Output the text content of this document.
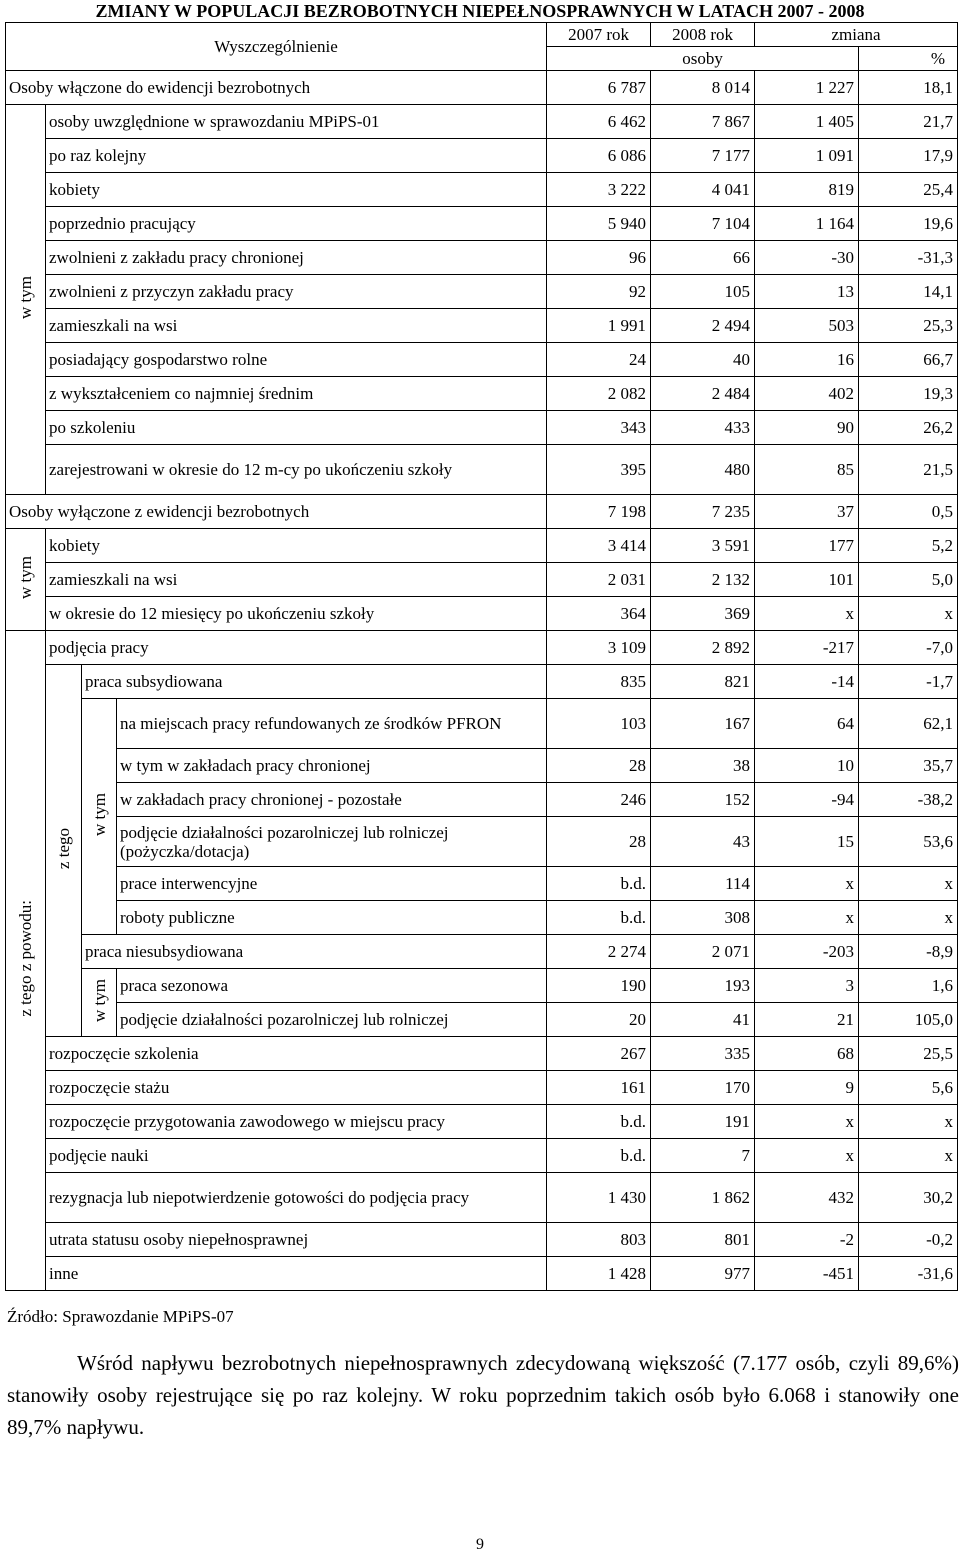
ZMIANY W POPULACJI BEZROBOTNYCH NIEPEŁNOSPRAWNYCH W LATACH 2007 - 2008
Wyszczególnienie				2007 rok	2008 rok	zmiana	
				osoby			%
Osoby włączone do ewidencji bezrobotnych				6 787	8 014	1 227	18,1
w tym	osoby uwzględnione w sprawozdaniu MPiPS-01			6 462	7 867	1 405	21,7
	po raz kolejny			6 086	7 177	1 091	17,9
	kobiety			3 222	4 041	819	25,4
	poprzednio pracujący			5 940	7 104	1 164	19,6
	zwolnieni z zakładu pracy chronionej			96	66	-30	-31,3
	zwolnieni z przyczyn zakładu pracy			92	105	13	14,1
	zamieszkali na wsi			1 991	2 494	503	25,3
	posiadający gospodarstwo rolne			24	40	16	66,7
	z wykształceniem co najmniej średnim			2 082	2 484	402	19,3
	po szkoleniu			343	433	90	26,2
	zarejestrowani w okresie do 12 m-cy po ukończeniu szkoły			395	480	85	21,5
Osoby wyłączone z ewidencji bezrobotnych				7 198	7 235	37	0,5
w tym	kobiety			3 414	3 591	177	5,2
	zamieszkali na wsi			2 031	2 132	101	5,0
	w okresie do 12 miesięcy po ukończeniu szkoły			364	369	x	x
z tego z powodu:	podjęcia pracy			3 109	2 892	-217	-7,0
	z tego	praca subsydiowana		835	821	-14	-1,7
		w tym	na miejscach pracy refundowanych ze środków PFRON	103	167	64	62,1
			w tym w zakładach pracy chronionej	28	38	10	35,7
			w zakładach pracy chronionej - pozostałe	246	152	-94	-38,2
			podjęcie działalności pozarolniczej lub rolniczej (pożyczka/dotacja)	28	43	15	53,6
			prace interwencyjne	b.d.	114	x	x
			roboty publiczne	b.d.	308	x	x
		praca niesubsydiowana		2 274	2 071	-203	-8,9
		w tym	praca sezonowa	190	193	3	1,6
			podjęcie działalności pozarolniczej lub rolniczej	20	41	21	105,0
	rozpoczęcie szkolenia			267	335	68	25,5
	rozpoczęcie stażu			161	170	9	5,6
	rozpoczęcie przygotowania zawodowego w miejscu pracy			b.d.	191	x	x
	podjęcie nauki			b.d.	7	x	x
	rezygnacja lub niepotwierdzenie gotowości do podjęcia pracy			1 430	1 862	432	30,2
	utrata statusu osoby niepełnosprawnej			803	801	-2	-0,2
	inne			1 428	977	-451	-31,6
Źródło: Sprawozdanie MPiPS-07
Wśród napływu bezrobotnych niepełnosprawnych zdecydowaną większość (7.177 osób, czyli 89,6%) stanowiły osoby rejestrujące się po raz kolejny. W roku poprzednim takich osób było 6.068 i stanowiły one 89,7% napływu.
9
